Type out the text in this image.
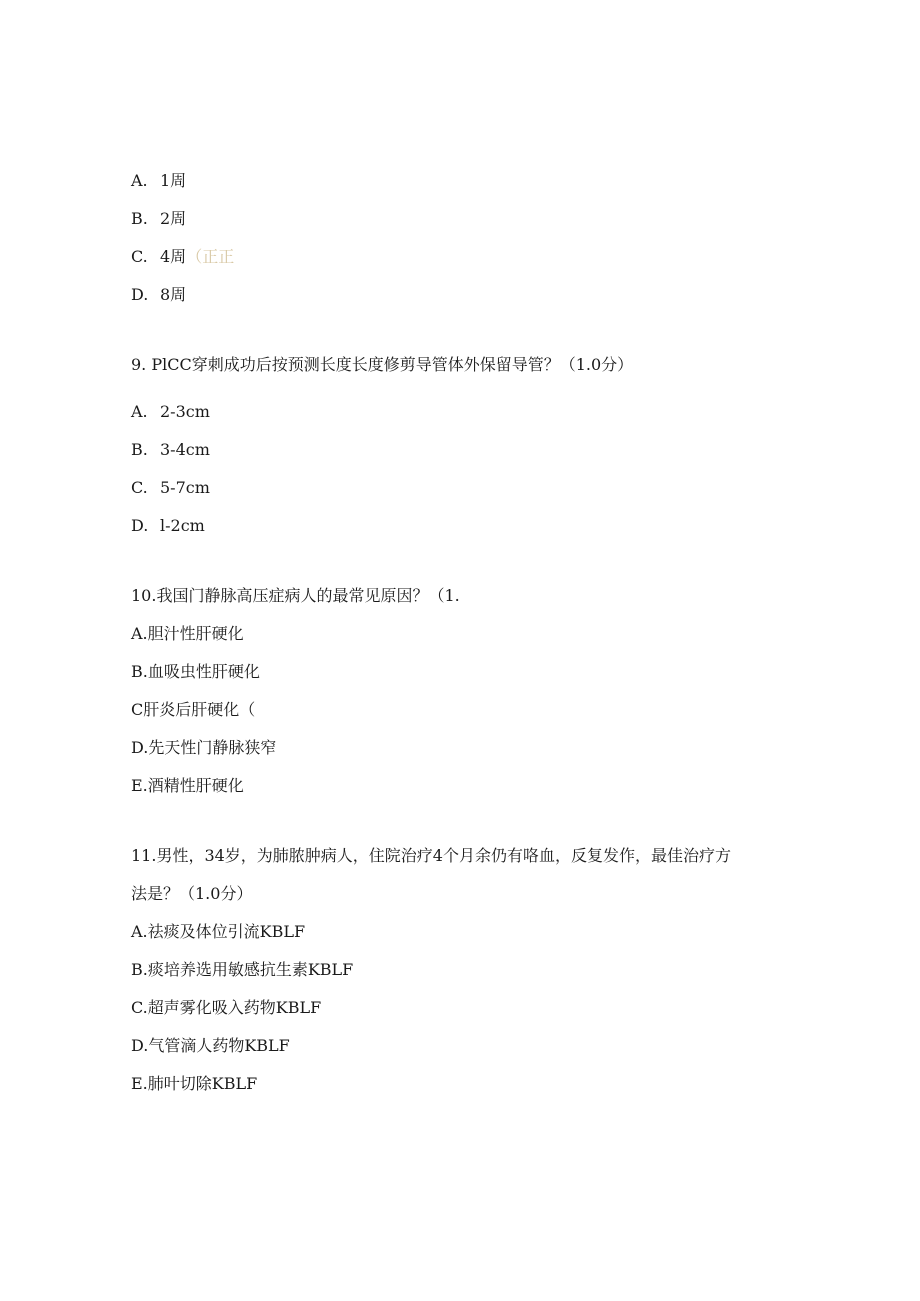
A. 1周
B. 2周
C. 4周（正正
D. 8周
9. PlCC穿刺成功后按预测长度长度修剪导管体外保留导管？（1.0分）
A. 2-3cm
B. 3-4cm
C. 5-7cm
D. l-2cm
10.我国门静脉高压症病人的最常见原因？（1.
A.胆汁性肝硬化
B.血吸虫性肝硬化
C肝炎后肝硬化（
D.先天性门静脉狭窄
E.酒精性肝硬化
11.男性，34岁，为肺脓肿病人，住院治疗4个月余仍有咯血，反复发作，最佳治疗方
法是？（1.0分）
A.祛痰及体位引流KBLF
B.痰培养选用敏感抗生素KBLF
C.超声雾化吸入药物KBLF
D.气管滴人药物KBLF
E.肺叶切除KBLF
